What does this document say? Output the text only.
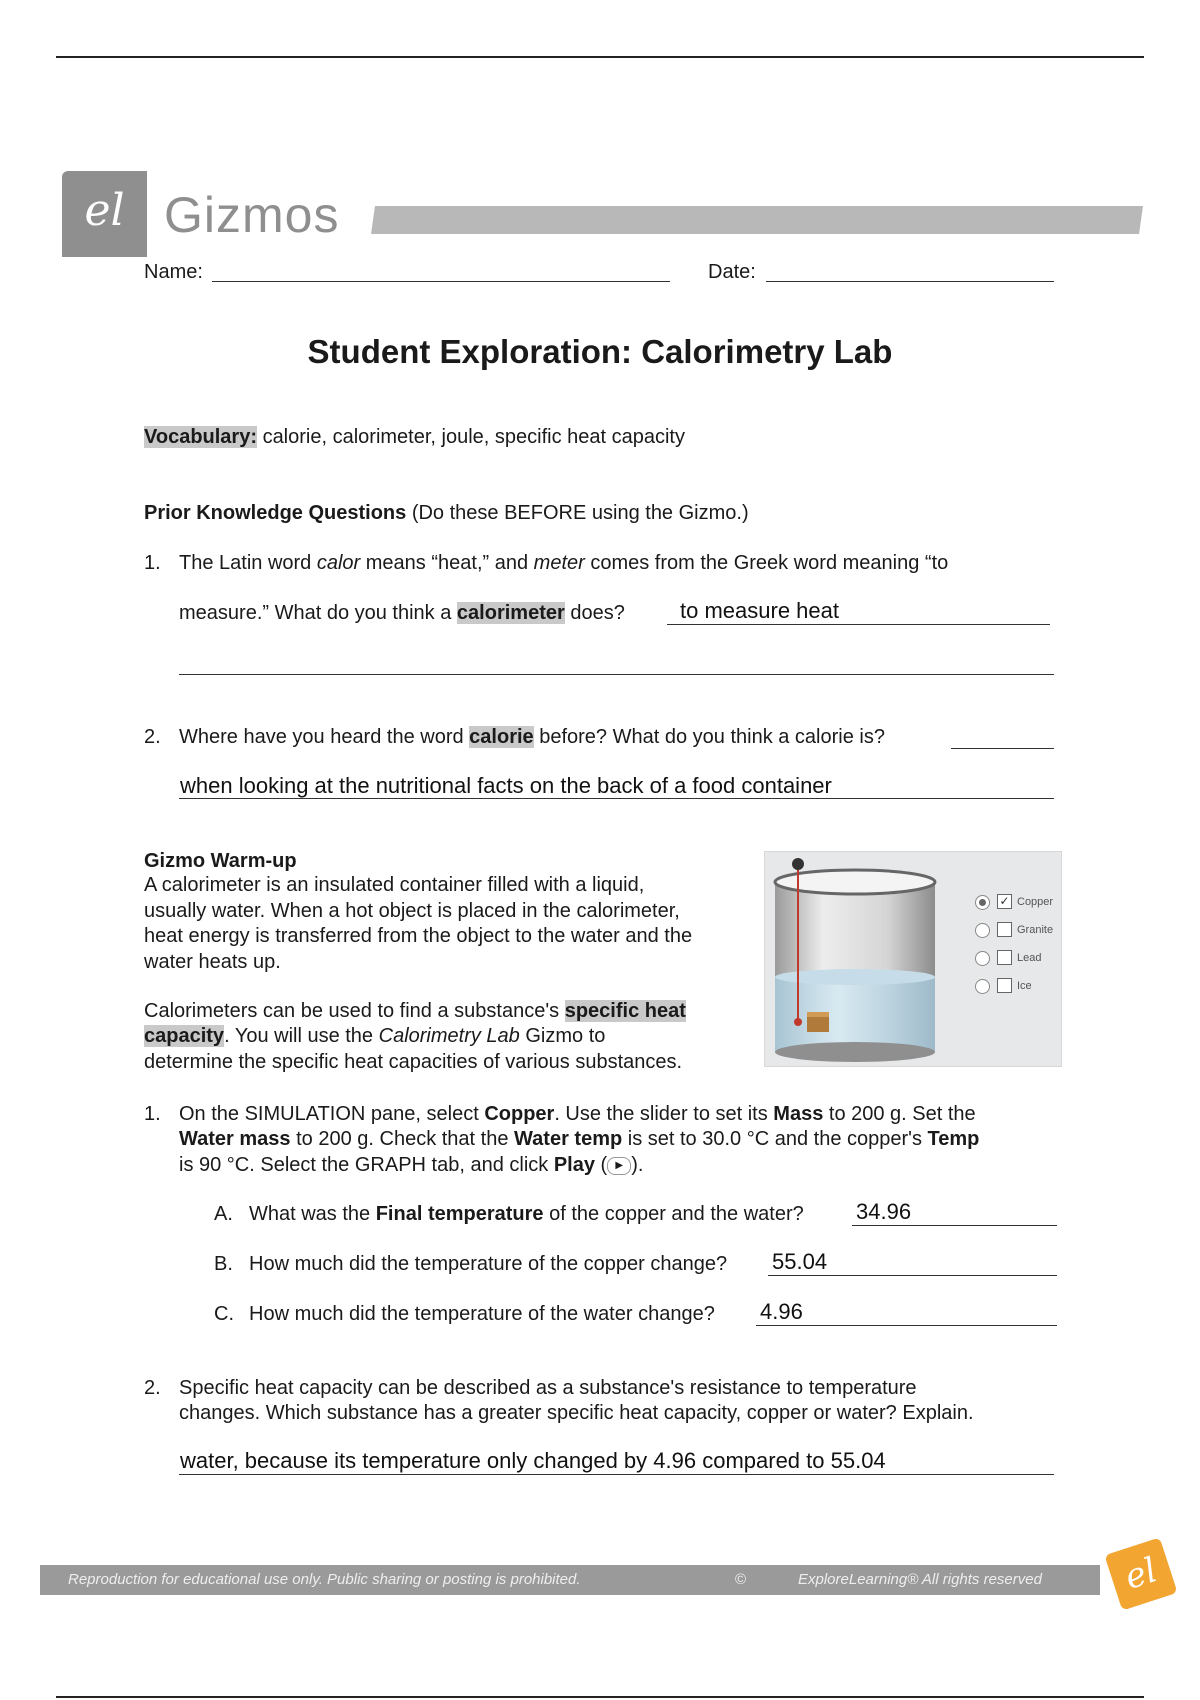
el Gizmos
Name:	Date:
Student Exploration: Calorimetry Lab
Vocabulary: calorie, calorimeter, joule, specific heat capacity
Prior Knowledge Questions (Do these BEFORE using the Gizmo.)
1. The Latin word calor means “heat,” and meter comes from the Greek word meaning “to
measure.” What do you think a calorimeter does?	to measure heat
2. Where have you heard the word calorie before? What do you think a calorie is?
when looking at the nutritional facts on the back of a food container
Gizmo Warm-up
A calorimeter is an insulated container filled with a liquid,
usually water. When a hot object is placed in the calorimeter,
heat energy is transferred from the object to the water and the
water heats up.
Calorimeters can be used to find a substance's specific heat
capacity. You will use the Calorimetry Lab Gizmo to
determine the specific heat capacities of various substances.
✓ Copper
Granite
Lead
Ice
1. On the SIMULATION pane, select Copper. Use the slider to set its Mass to 200 g. Set the
Water mass to 200 g. Check that the Water temp is set to 30.0 °C and the copper's Temp
is 90 °C. Select the GRAPH tab, and click Play ( ▶ ).
A. What was the Final temperature of the copper and the water? 34.96
B. How much did the temperature of the copper change? 55.04
C. How much did the temperature of the water change? 4.96
2. Specific heat capacity can be described as a substance's resistance to temperature
changes. Which substance has a greater specific heat capacity, copper or water? Explain.
water, because its temperature only changed by 4.96 compared to 55.04
Reproduction for educational use only. Public sharing or posting is prohibited.	©	ExploreLearning® All rights reserved	el
